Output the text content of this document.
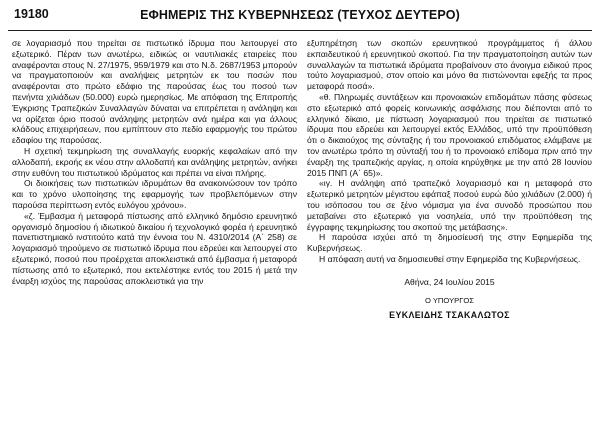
19180	ΕΦΗΜΕΡΙΣ ΤΗΣ ΚΥΒΕΡΝΗΣΕΩΣ (ΤΕΥΧΟΣ ΔΕΥΤΕΡΟ)

σε λογαριασμό που τηρείται σε πιστωτικό ίδρυμα που λειτουργεί στο εξωτερικό. Πέραν των ανωτέρω, ειδικώς οι ναυτιλιακές εταιρείες που αναφέρονται στους Ν. 27/1975, 959/1979 και στο Ν.δ. 2687/1953 μπορούν να πραγματοποιούν και αναλήψεις μετρητών εκ του ποσών που αναφέρονται στο πρώτο εδάφιο της παρούσας έως του ποσού των πενήντα χιλιάδων (50.000) ευρώ ημερησίως. Με απόφαση της Επιτροπής Έγκρισης Τραπεζικών Συναλλαγών δύναται να επιτρέπεται η ανάληψη και να ορίζεται όριο ποσού ανάληψης μετρητών ανά ημέρα και για άλλους κλάδους επιχειρήσεων, που εμπίπτουν στο πεδίο εφαρμογής του πρώτου εδαφίου της παρούσας.

Η σχετική τεκμηρίωση της συναλλαγής ευορκής κεφαλαίων από την αλλοδαπή, εκροής εκ νέου στην αλλοδαπή και ανάληψης μετρητών, ανήκει στην ευθύνη του πιστωτικού ιδρύματος και πρέπει να είναι πλήρης.

Οι διοικήσεις των πιστωτικών ιδρυμάτων θα ανακοινώσουν τον τρόπο και το χρόνο υλοποίησης της εφαρμογής των προβλεπόμενων στην παρούσα περίπτωση εντός ευλόγου χρόνου».

«ζ. Έμβασμα ή μεταφορά πίστωσης από ελληνικό δημόσιο ερευνητικό οργανισμό δημοσίου ή ιδιωτικού δικαίου ή τεχνολογικό φορέα ή ερευνητικό πανεπιστημιακό ινστιτούτο κατά την έννοια του Ν. 4310/2014 (Α΄ 258) σε λογαριασμό τηρούμενο σε πιστωτικό ίδρυμα που εδρεύει και λειτουργεί στο εξωτερικό, ποσού που προέρχεται αποκλειστικά από έμβασμα ή μεταφορά πίστωσης από το εξωτερικό, που εκτελέστηκε εντός του 2015 ή μετά την έναρξη ισχύος της παρούσας αποκλειστικά για την

εξυπηρέτηση των σκοπών ερευνητικού προγράμματος ή άλλου εκπαιδευτικού ή ερευνητικού σκοπού. Για την πραγματοποίηση αυτών των συναλλαγών τα πιστωτικά ιδρύματα προβαίνουν στο άνοιγμα ειδικού προς τούτο λογαριασμού, στον οποίο και μόνο θα πιστώνονται εφεξής τα προς μεταφορά ποσά».

«θ. Πληρωμές συντάξεων και προνοιακών επιδομάτων πάσης φύσεως στο εξωτερικό από φορείς κοινωνικής ασφάλισης που διέπονται από το ελληνικό δίκαιο, με πίστωση λογαριασμού που τηρείται σε πιστωτικό ίδρυμα που εδρεύει και λειτουργεί εκτός Ελλάδος, υπό την προϋπόθεση ότι ο δικαιούχος της σύνταξης ή του προνοιακού επιδόματος ελάμβανε με τον ανωτέρω τρόπο τη σύνταξή του ή το προνοιακό επίδομα πριν από την έναρξη της τραπεζικής αργίας, η οποία κηρύχθηκε με την από 28 Ιουνίου 2015 ΠΝΠ (Α΄ 65)».

«ιγ. Η ανάληψη από τραπεζικό λογαριασμό και η μεταφορά στο εξωτερικό μετρητών μέγιστου εφάπαξ ποσού ευρώ δύο χιλιάδων (2.000) ή του ισόποσου του σε ξένο νόμισμα για ένα συνοδό προσώπου που μεταβαίνει στο εξωτερικό για νοσηλεία, υπό την προϋπόθεση της έγγραφης τεκμηρίωσης του σκοπού της μετάβασης».

Η παρούσα ισχύει από τη δημοσίευσή της στην Εφημερίδα της Κυβερνήσεως.

Η απόφαση αυτή να δημοσιευθεί στην Εφημερίδα της Κυβερνήσεως.

Αθήνα, 24 Ιουλίου 2015

Ο ΥΠΟΥΡΓΟΣ

ΕΥΚΛΕΙΔΗΣ ΤΣΑΚΑΛΩΤΟΣ
